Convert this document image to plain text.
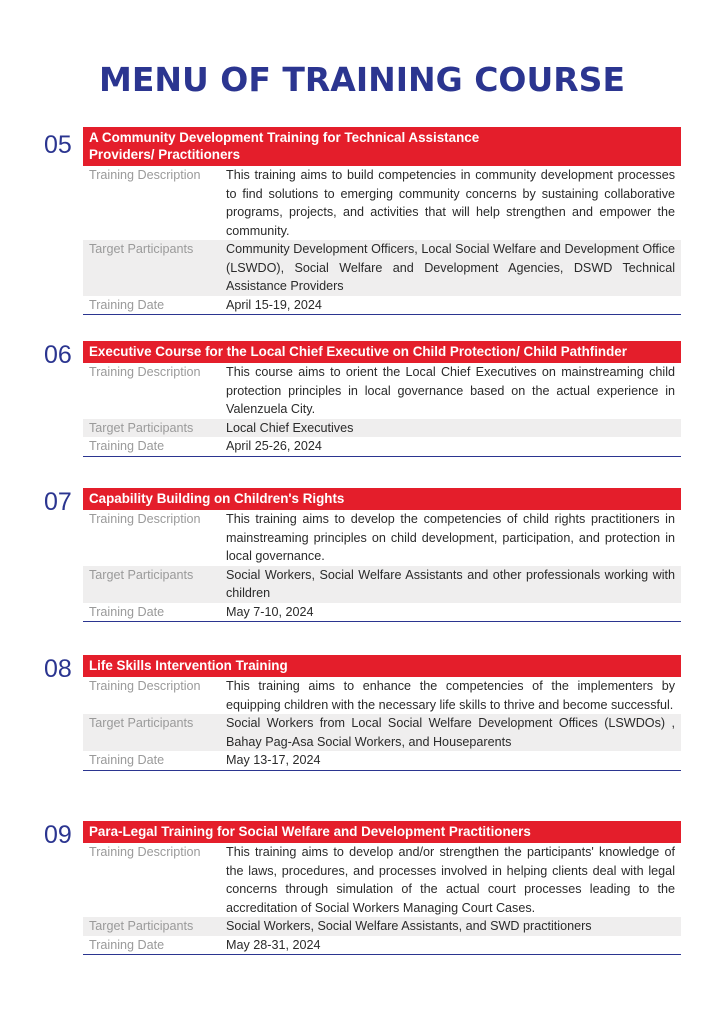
MENU OF TRAINING COURSE
05	A Community Development Training for Technical Assistance Providers/ Practitioners
Training Description	This training aims to build competencies in community development processes to find solutions to emerging community concerns by sustaining collaborative programs, projects, and activities that will help strengthen and empower the community.
Target Participants	Community Development Officers, Local Social Welfare and Development Office (LSWDO), Social Welfare and Development Agencies, DSWD Technical Assistance Providers
Training Date	April 15-19, 2024
06	Executive Course for the Local Chief Executive on Child Protection/ Child Pathfinder
Training Description	This course aims to orient the Local Chief Executives on mainstreaming child protection principles in local governance based on the actual experience in Valenzuela City.
Target Participants	Local Chief Executives
Training Date	April 25-26, 2024
07	Capability Building on Children's Rights
Training Description	This training aims to develop the competencies of child rights practitioners in mainstreaming principles on child development, participation, and protection in local governance.
Target Participants	Social Workers, Social Welfare Assistants and other professionals working with children
Training Date	May 7-10, 2024
08	Life Skills Intervention Training
Training Description	This training aims to enhance the competencies of the implementers by equipping children with the necessary life skills to thrive and become successful.
Target Participants	Social Workers from Local Social Welfare Development Offices (LSWDOs) , Bahay Pag-Asa Social Workers, and Houseparents
Training Date	May 13-17, 2024
09	Para-Legal Training for Social Welfare and Development Practitioners
Training Description	This training aims to develop and/or strengthen the participants' knowledge of the laws, procedures, and processes involved in helping clients deal with legal concerns through simulation of the actual court processes leading to the accreditation of Social Workers Managing Court Cases.
Target Participants	Social Workers, Social Welfare Assistants, and SWD practitioners
Training Date	May 28-31, 2024
